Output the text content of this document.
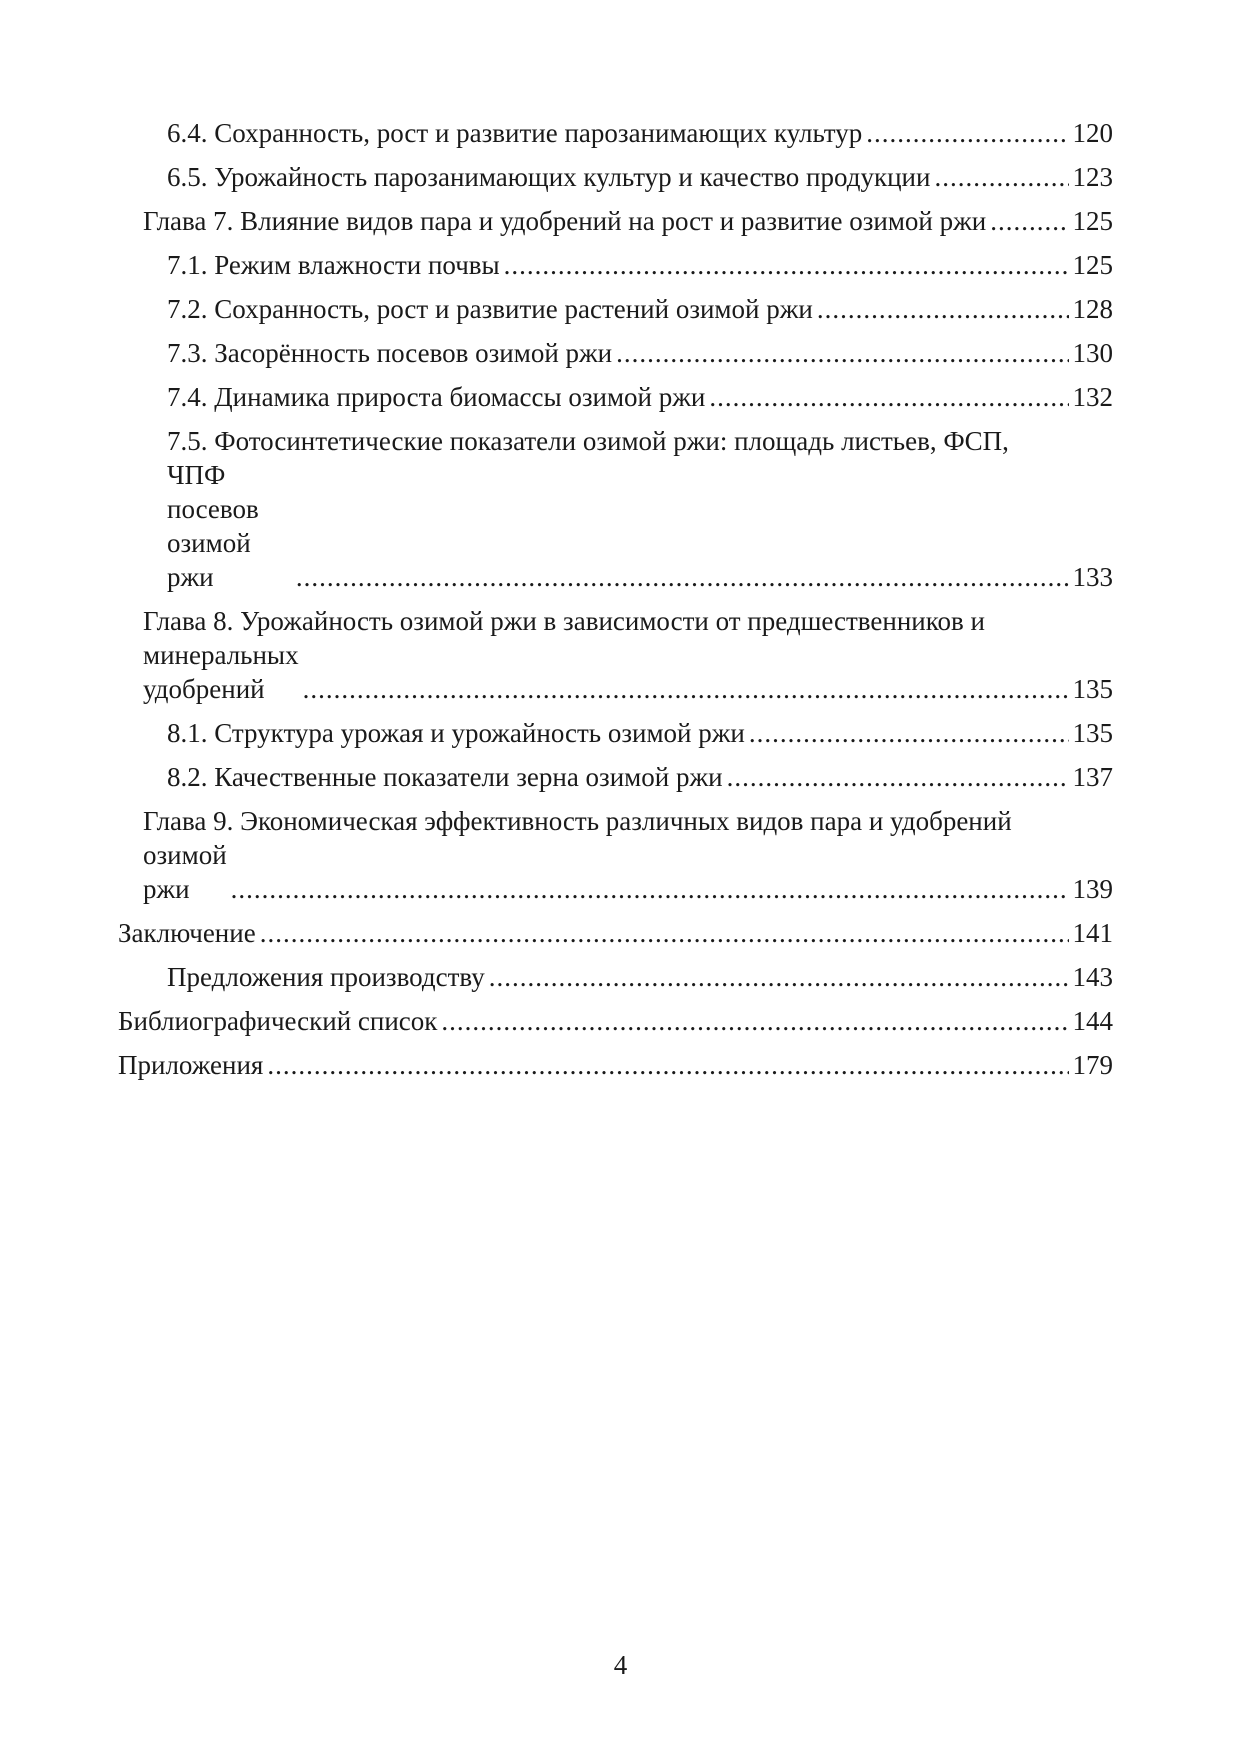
6.4. Сохранность, рост и развитие парозанимающих культур .....	120
6.5. Урожайность парозанимающих культур и качество продукции .....	123
Глава 7. Влияние видов пара и удобрений на рост и развитие озимой ржи .....	125
7.1. Режим влажности почвы .....	125
7.2. Сохранность, рост и развитие растений озимой ржи .....	128
7.3. Засорённость посевов озимой ржи .....	130
7.4. Динамика прироста биомассы озимой ржи .....	132
7.5. Фотосинтетические показатели озимой ржи: площадь листьев, ФСП,
ЧПФ посевов озимой ржи .....	133
Глава 8. Урожайность озимой ржи в зависимости от предшественников и
минеральных удобрений .....	135
8.1. Структура урожая и урожайность озимой ржи .....	135
8.2. Качественные показатели зерна озимой ржи .....	137
Глава 9. Экономическая эффективность различных видов пара и удобрений
озимой ржи .....	139
Заключение .....	141
Предложения производству .....	143
Библиографический список .....	144
Приложения .....	179
4
